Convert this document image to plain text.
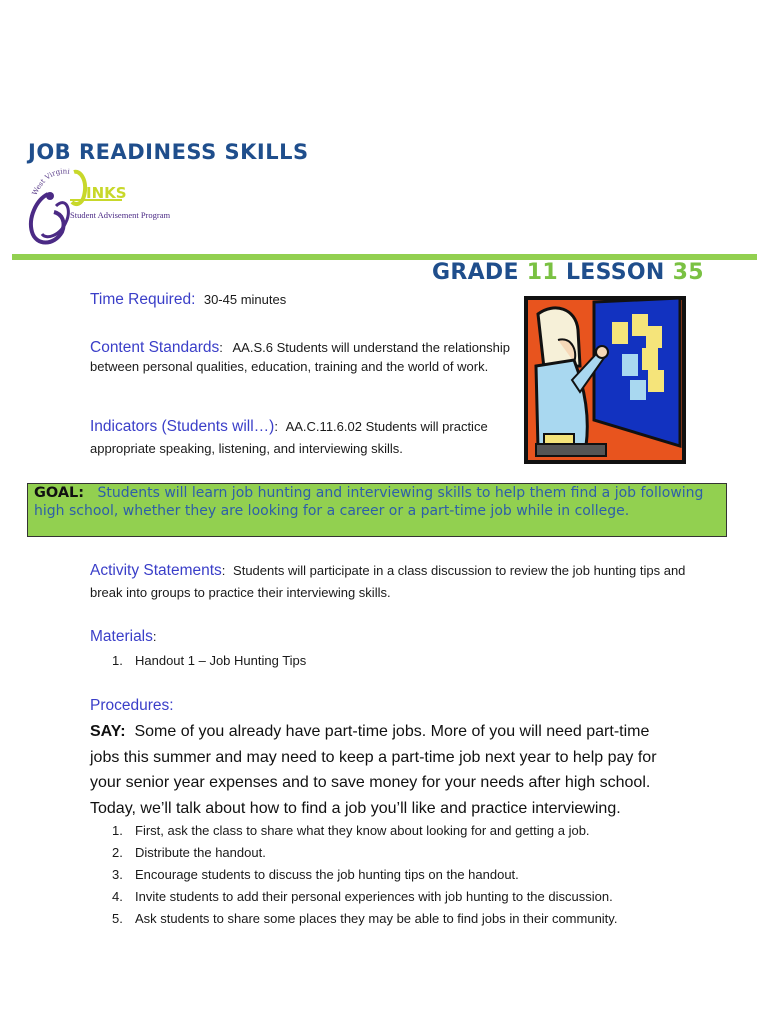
JOB READINESS SKILLS
West Virgini
INKS
Student Advisement Program
GRADE 11 LESSON 35
Time Required: 30-45 minutes
Content Standards: AA.S.6 Students will understand the relationship between personal qualities, education, training and the world of work.
Indicators (Students will…): AA.C.11.6.02 Students will practice appropriate speaking, listening, and interviewing skills.
GOAL: Students will learn job hunting and interviewing skills to help them find a job following high school, whether they are looking for a career or a part-time job while in college.
Activity Statements: Students will participate in a class discussion to review the job hunting tips and break into groups to practice their interviewing skills.
Materials:
1. Handout 1 – Job Hunting Tips
Procedures:
SAY: Some of you already have part-time jobs. More of you will need part-time jobs this summer and may need to keep a part-time job next year to help pay for your senior year expenses and to save money for your needs after high school. Today, we’ll talk about how to find a job you’ll like and practice interviewing.
1. First, ask the class to share what they know about looking for and getting a job.
2. Distribute the handout.
3. Encourage students to discuss the job hunting tips on the handout.
4. Invite students to add their personal experiences with job hunting to the discussion.
5. Ask students to share some places they may be able to find jobs in their community.
